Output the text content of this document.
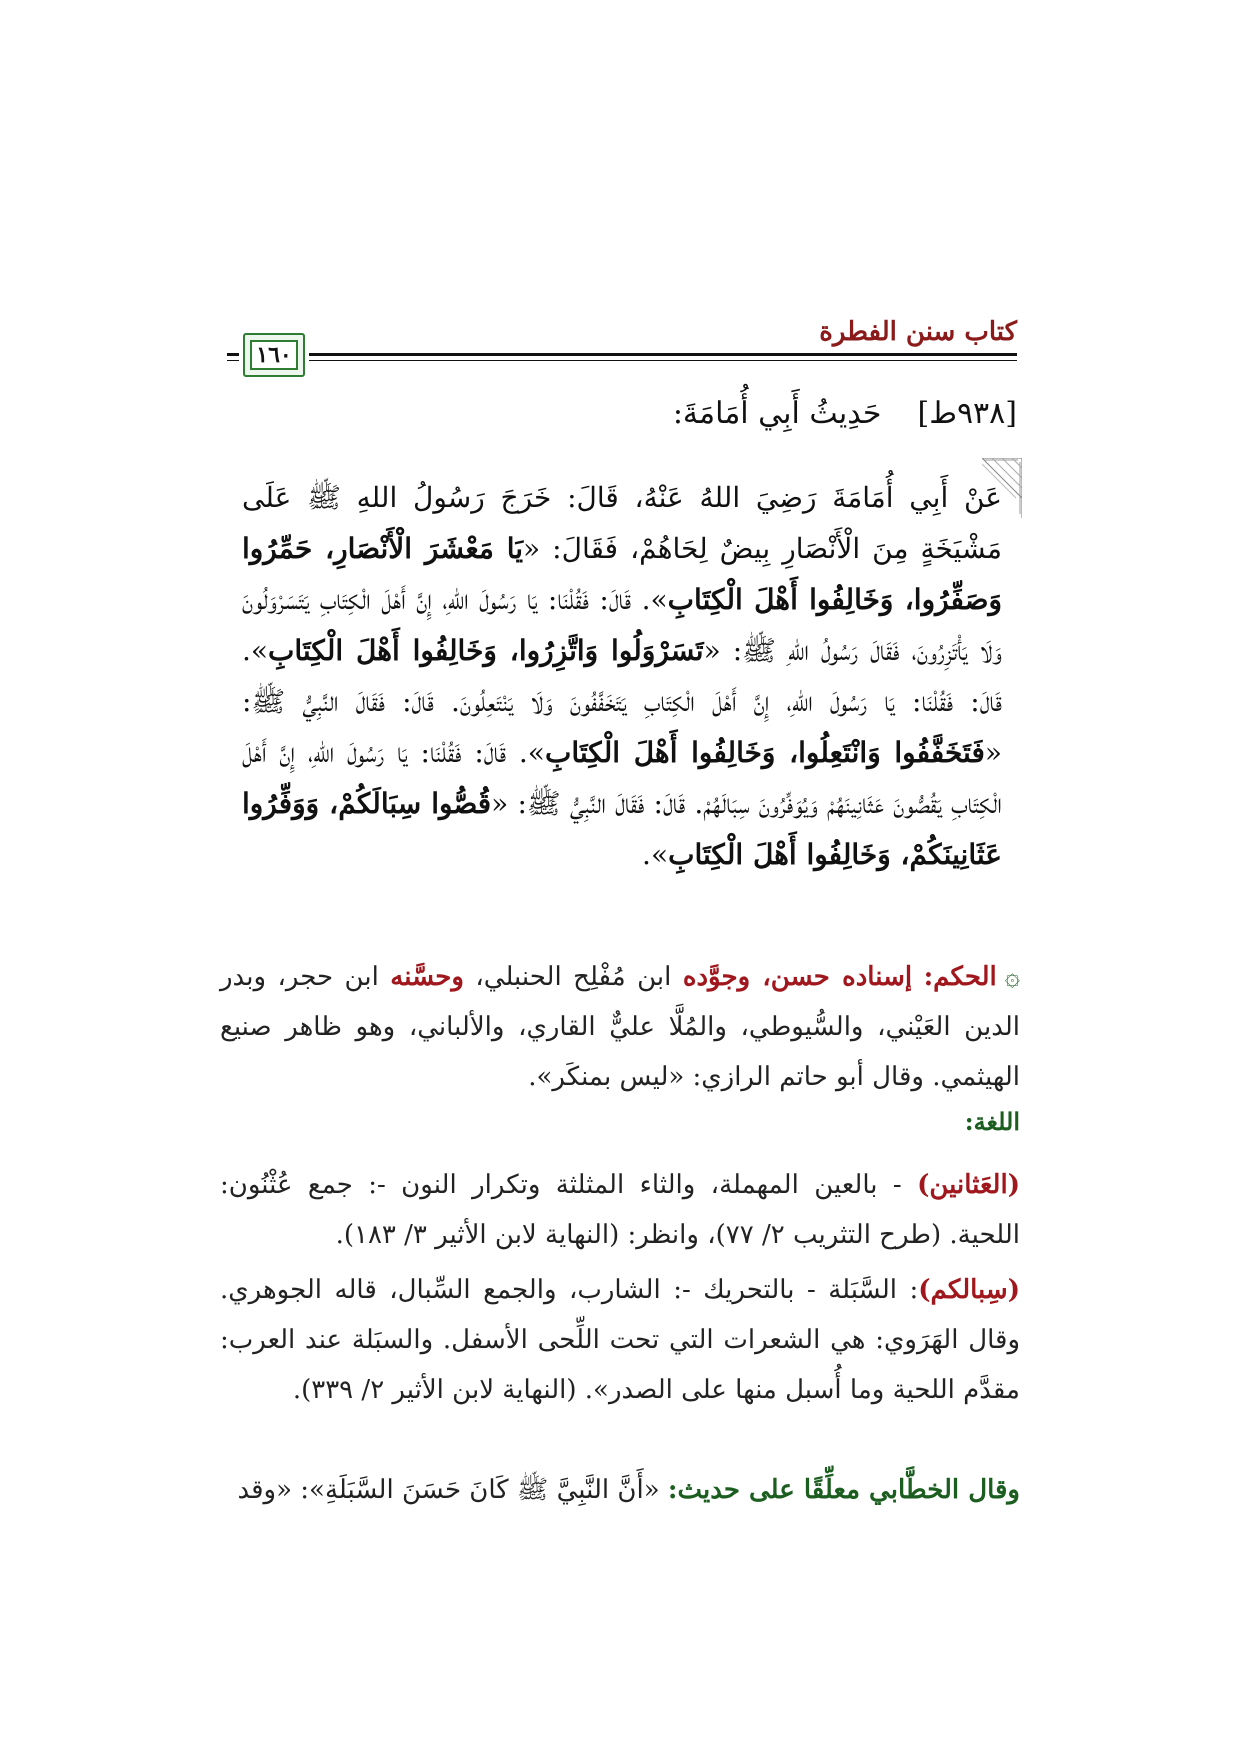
كتاب سنن الفطرة
١٦٠
[٩٣٨ط]حَدِيثُ أَبِي أُمَامَةَ:
عَنْ أَبِي أُمَامَةَ رَضِيَ اللهُ عَنْهُ، قَالَ: خَرَجَ رَسُولُ اللهِ ﷺ عَلَى مَشْيَخَةٍ مِنَ الْأَنْصَارِ بِيضٌ لِحَاهُمْ، فَقَالَ: «يَا مَعْشَرَ الْأَنْصَارِ، حَمِّرُوا وَصَفِّرُوا، وَخَالِفُوا أَهْلَ الْكِتَابِ». قَالَ: فَقُلْنَا: يَا رَسُولَ اللهِ، إِنَّ أَهْلَ الْكِتَابِ يَتَسَرْوَلُونَ وَلَا يَأْتَزِرُونَ، فَقَالَ رَسُولُ اللهِ ﷺ: «تَسَرْوَلُوا وَاتَّزِرُوا، وَخَالِفُوا أَهْلَ الْكِتَابِ». قَالَ: فَقُلْنَا: يَا رَسُولَ اللهِ، إِنَّ أَهْلَ الْكِتَابِ يَتَخَفَّفُونَ وَلَا يَنْتَعِلُونَ. قَالَ: فَقَالَ النَّبِيُّ ﷺ: «فَتَخَفَّفُوا وَانْتَعِلُوا، وَخَالِفُوا أَهْلَ الْكِتَابِ». قَالَ: فَقُلْنَا: يَا رَسُولَ اللهِ، إِنَّ أَهْلَ الْكِتَابِ يَقُصُّونَ عَثَانِينَهُمْ وَيُوَفِّرُونَ سِبَالَهُمْ. قَالَ: فَقَالَ النَّبِيُّ ﷺ: «قُصُّوا سِبَالَكُمْ، وَوَفِّرُوا عَثَانِينَكُمْ، وَخَالِفُوا أَهْلَ الْكِتَابِ».
۞الحكم: إسناده حسن، وجوَّده ابن مُفْلِح الحنبلي، وحسَّنه ابن حجر، وبدر الدين العَيْني، والسُّيوطي، والمُلَّا عليٌّ القاري، والألباني، وهو ظاهر صنيع الهيثمي. وقال أبو حاتم الرازي: «ليس بمنكَر».
اللغة:
(العَثانين) - بالعين المهملة، والثاء المثلثة وتكرار النون -: جمع عُثْنُون: اللحية. (طرح التثريب ٢/ ٧٧)، وانظر: (النهاية لابن الأثير ٣/ ١٨٣).
(سِبالكم): السَّبَلة - بالتحريك -: الشارب، والجمع السِّبال، قاله الجوهري. وقال الهَرَوي: هي الشعرات التي تحت اللِّحى الأسفل. والسبَلة عند العرب: مقدَّم اللحية وما أُسبل منها على الصدر». (النهاية لابن الأثير ٢/ ٣٣٩).
وقال الخطَّابي معلِّقًا على حديث: «أَنَّ النَّبِيَّ ﷺ كَانَ حَسَنَ السَّبَلَةِ»: «وقد
